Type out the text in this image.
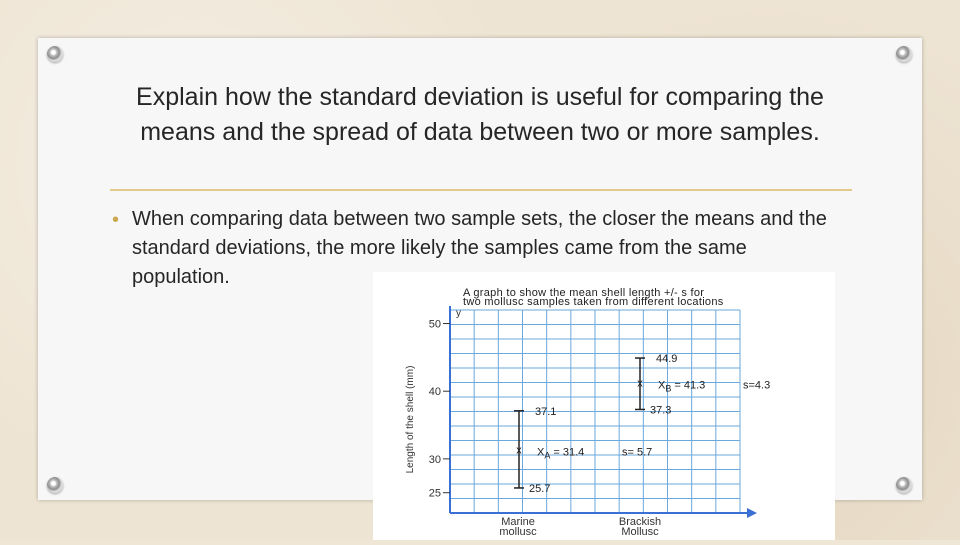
Explain how the standard deviation is useful for comparing the means and the spread of data between two or more samples.
• When comparing data between two sample sets, the closer the means and the standard deviations, the more likely the samples came from the same population.
A graph to show the mean shell length +/- s for
two mollusc samples taken from different locations
y
25
30
40
50
Length of the shell (mm)
Marine
mollusc
Brackish
Mollusc
x
37.1
25.7
$X_A = 31.4$	s= 5.7
x
44.9
37.3
$X_B = 41.3$	s=4.3
